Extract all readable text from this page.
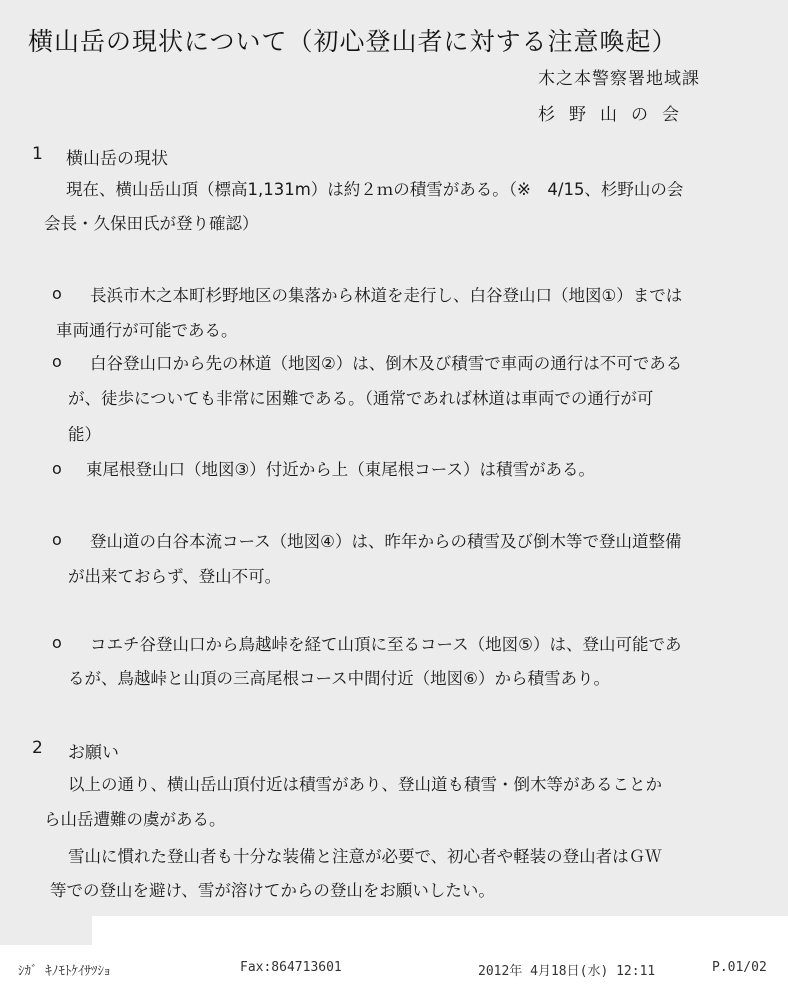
横山岳の現状について（初心登山者に対する注意喚起）
木之本警察署地域課
杉野山の会
1 横山岳の現状
現在、横山岳山頂（標高1,131m）は約２ｍの積雪がある。（※　4/15、杉野山の会
会長・久保田氏が登り確認）
o 長浜市木之本町杉野地区の集落から林道を走行し、白谷登山口（地図①）までは
車両通行が可能である。
o 白谷登山口から先の林道（地図②）は、倒木及び積雪で車両の通行は不可である
が、徒歩についても非常に困難である。（通常であれば林道は車両での通行が可
能）
o 東尾根登山口（地図③）付近から上（東尾根コース）は積雪がある。
o 登山道の白谷本流コース（地図④）は、昨年からの積雪及び倒木等で登山道整備
が出来ておらず、登山不可。
o コエチ谷登山口から鳥越峠を経て山頂に至るコース（地図⑤）は、登山可能であ
るが、鳥越峠と山頂の三高尾根コース中間付近（地図⑥）から積雪あり。
2 お願い
以上の通り、横山岳山頂付近は積雪があり、登山道も積雪・倒木等があることか
ら山岳遭難の虞がある。
雪山に慣れた登山者も十分な装備と注意が必要で、初心者や軽装の登山者はＧＷ
等での登山を避け、雪が溶けてからの登山をお願いしたい。
ｼｶﾞ ｷﾉﾓﾄｹｲｻﾂｼｮ	Fax:864713601	2012年 4月18日(水) 12:11	P.01/02
